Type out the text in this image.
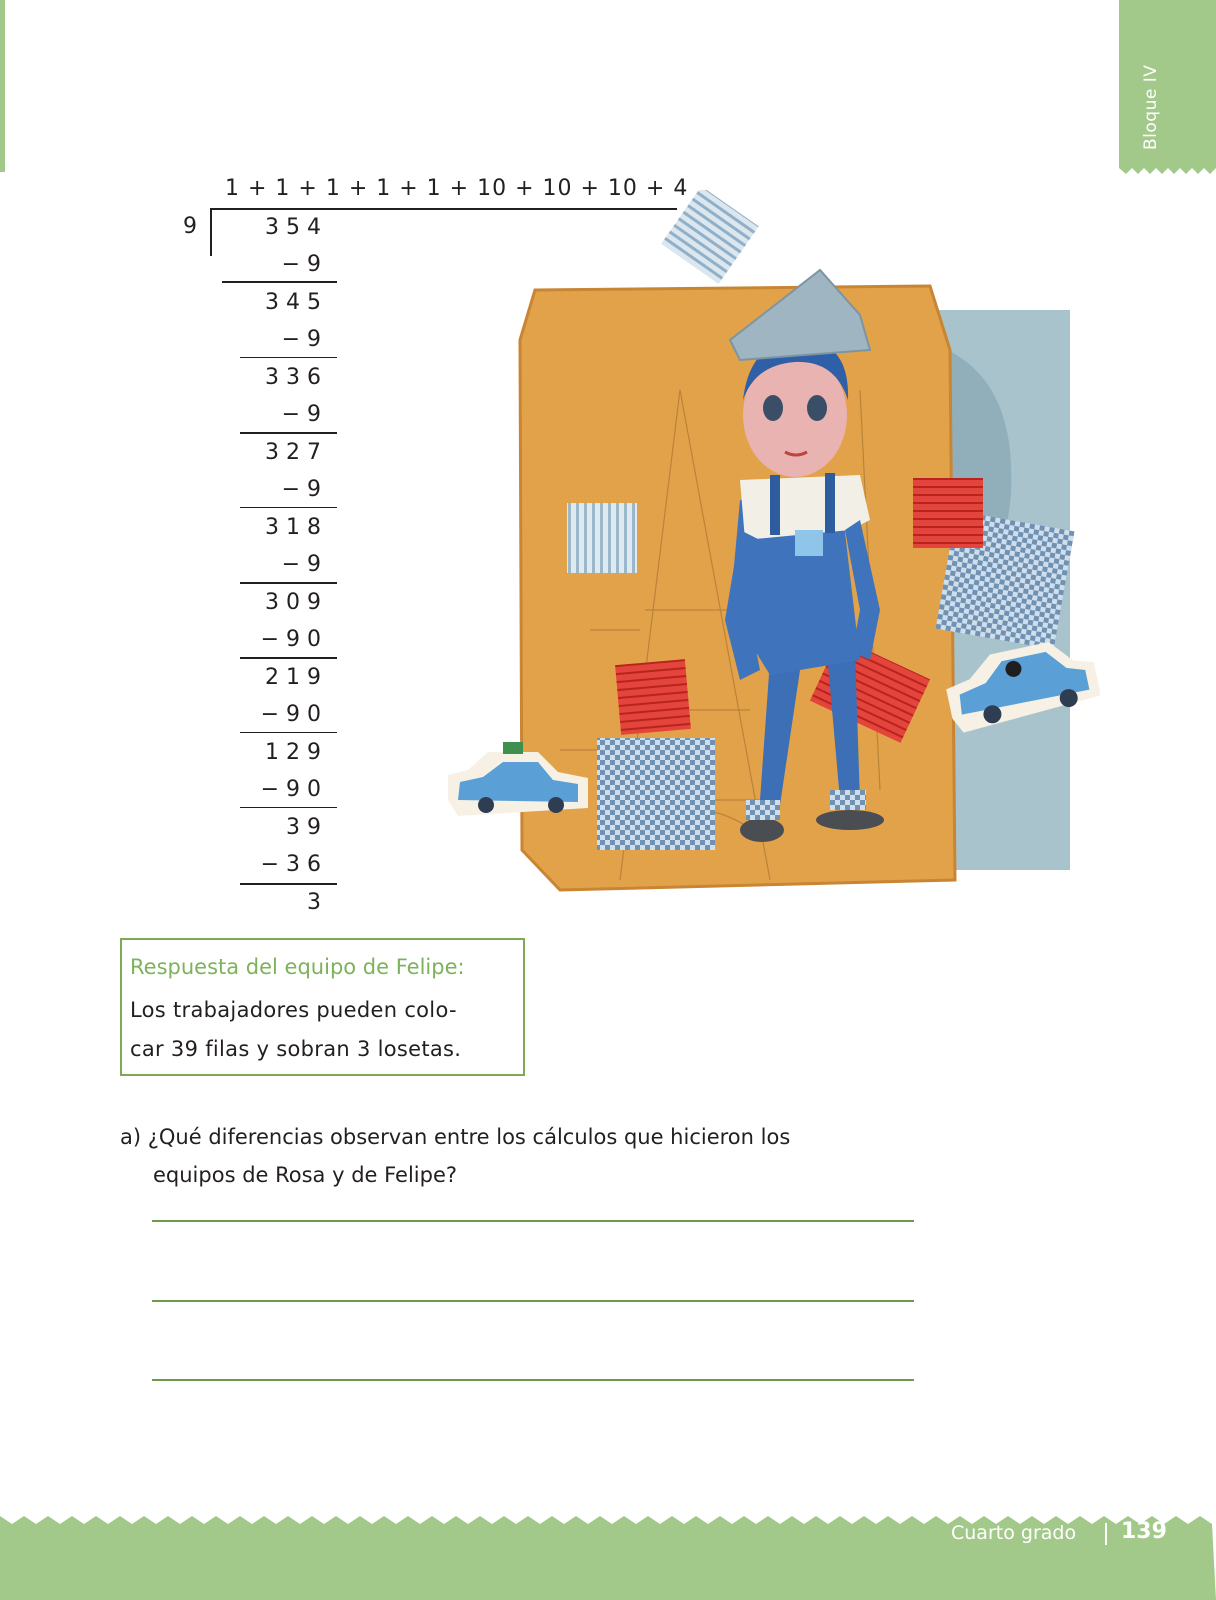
Bloque IV
1 + 1 + 1 + 1 + 1 + 10 + 10 + 10 + 4
9	354
−9
345
−9
336
−9
327
−9
318
−9
309
−90
219
−90
129
−90
39
−36
3
Respuesta del equipo de Felipe:
Los trabajadores pueden colo-
car 39 filas y sobran 3 losetas.
a) ¿Qué diferencias observan entre los cálculos que hicieron los
equipos de Rosa y de Felipe?
Cuarto grado 139
